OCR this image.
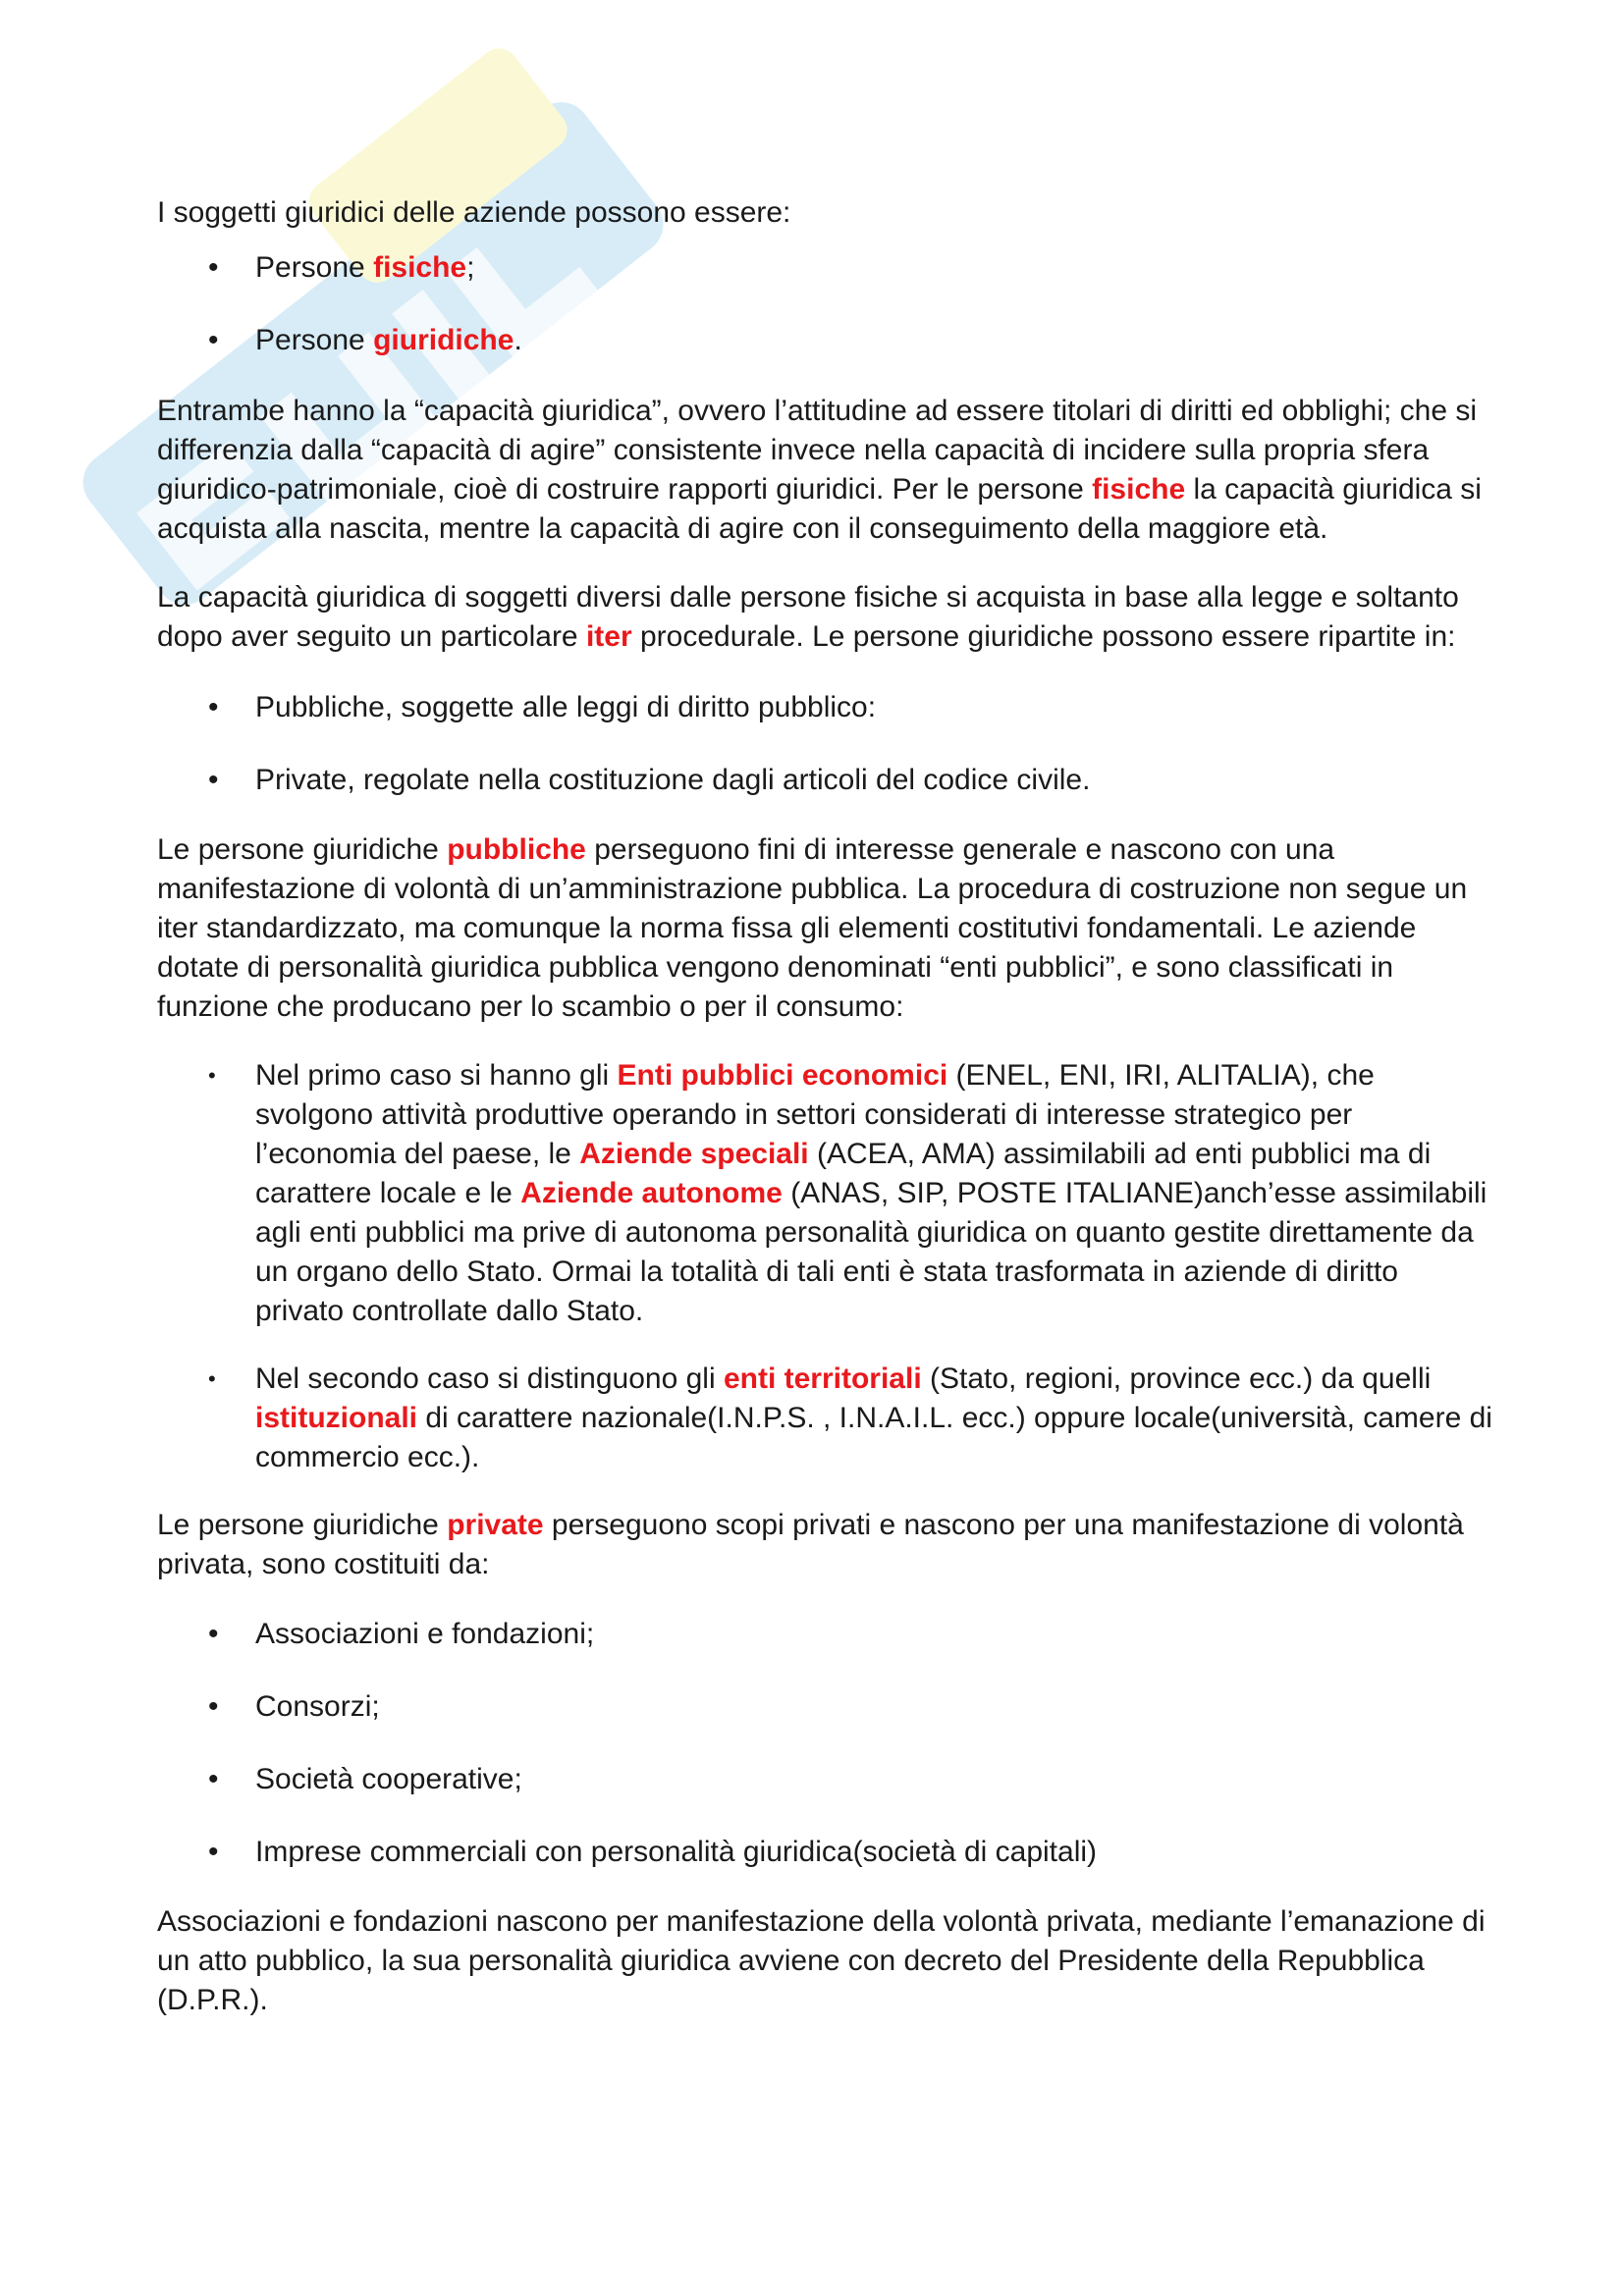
I soggetti giuridici delle aziende possono essere:

• Persone fisiche;
• Persone giuridiche.

Entrambe hanno la “capacità giuridica”, ovvero l’attitudine ad essere titolari di diritti ed obblighi; che si differenzia dalla “capacità di agire” consistente invece nella capacità di incidere sulla propria sfera giuridico-patrimoniale, cioè di costruire rapporti giuridici. Per le persone fisiche la capacità giuridica si acquista alla nascita, mentre la capacità di agire con il conseguimento della maggiore età.

La capacità giuridica di soggetti diversi dalle persone fisiche si acquista in base alla legge e soltanto dopo aver seguito un particolare iter procedurale. Le persone giuridiche possono essere ripartite in:

• Pubbliche, soggette alle leggi di diritto pubblico:
• Private, regolate nella costituzione dagli articoli del codice civile.

Le persone giuridiche pubbliche perseguono fini di interesse generale e nascono con una manifestazione di volontà di un’amministrazione pubblica. La procedura di costruzione non segue un iter standardizzato, ma comunque la norma fissa gli elementi costitutivi fondamentali. Le aziende dotate di personalità giuridica pubblica vengono denominati “enti pubblici”, e sono classificati in funzione che producano per lo scambio o per il consumo:

• Nel primo caso si hanno gli Enti pubblici economici (ENEL, ENI, IRI, ALITALIA), che svolgono attività produttive operando in settori considerati di interesse strategico per l’economia del paese, le Aziende speciali (ACEA, AMA) assimilabili ad enti pubblici ma di carattere locale e le Aziende autonome (ANAS, SIP, POSTE ITALIANE)anch’esse assimilabili agli enti pubblici ma prive di autonoma personalità giuridica on quanto gestite direttamente da un organo dello Stato. Ormai la totalità di tali enti è stata trasformata in aziende di diritto privato controllate dallo Stato.
• Nel secondo caso si distinguono gli enti territoriali (Stato, regioni, province ecc.) da quelli istituzionali di carattere nazionale(I.N.P.S. , I.N.A.I.L. ecc.) oppure locale(università, camere di commercio ecc.).

Le persone giuridiche private perseguono scopi privati e nascono per una manifestazione di volontà privata, sono costituiti da:

• Associazioni e fondazioni;
• Consorzi;
• Società cooperative;
• Imprese commerciali con personalità giuridica(società di capitali)

Associazioni e fondazioni nascono per manifestazione della volontà privata, mediante l’emanazione di un atto pubblico, la sua personalità giuridica avviene con decreto del Presidente della Repubblica (D.P.R.).
